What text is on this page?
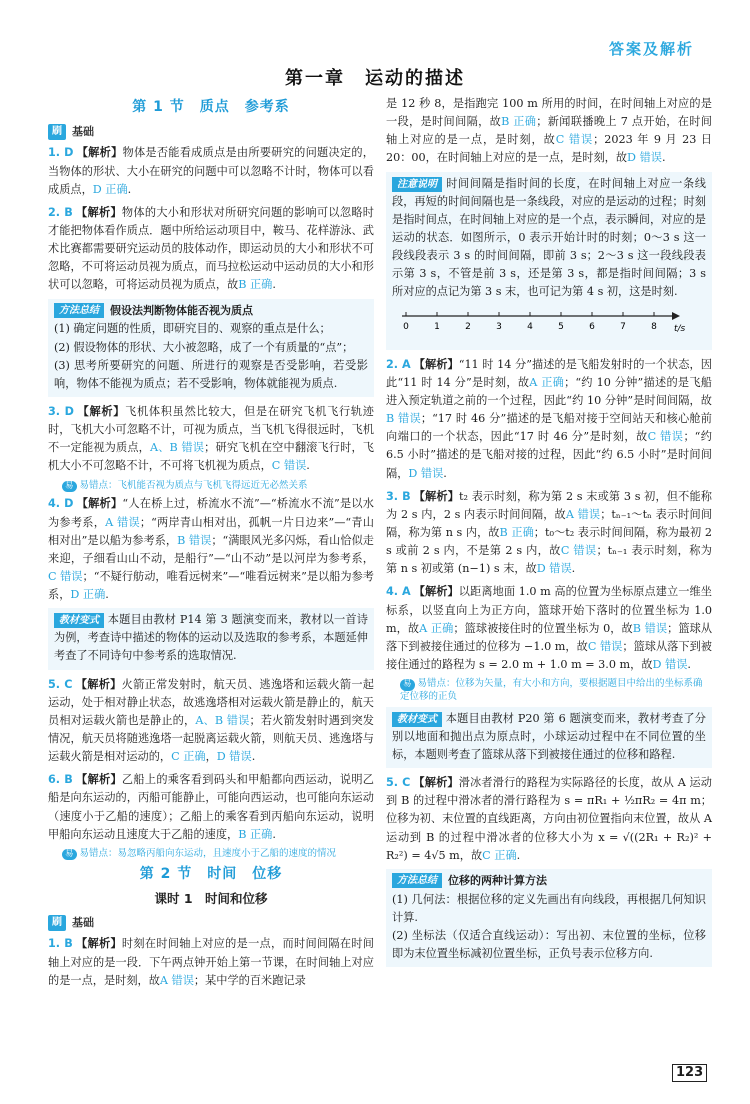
答案及解析
第一章　运动的描述
第 1 节　质点　参考系
刷 基础

1. D 【解析】物体是否能看成质点是由所要研究的问题决定的，当物体的形状、大小在研究的问题中可以忽略不计时，物体可以看成质点，D 正确.

2. B 【解析】物体的大小和形状对所研究问题的影响可以忽略时才能把物体看作质点．题中所给运动项目中，鞍马、花样游泳、武术比赛都需要研究运动员的肢体动作，即运动员的大小和形状不可忽略，不可将运动员视为质点，而马拉松运动中运动员的大小和形状可以忽略，可将运动员视为质点，故B 正确.

方法总结	假设法判断物体能否视为质点

(1) 确定问题的性质，即研究目的、观察的重点是什么；

(2) 假设物体的形状、大小被忽略，成了一个有质量的“点”；

(3) 思考所要研究的问题、所进行的观察是否受影响，若受影响，物体不能视为质点；若不受影响，物体就能视为质点.

3. D 【解析】飞机体积虽然比较大，但是在研究飞机飞行轨迹时，飞机大小可忽略不计，可视为质点，当飞机飞得很远时，飞机不一定能视为质点，A、B 错误；研究飞机在空中翻滚飞行时，飞机大小不可忽略不计，不可将飞机视为质点，C 错误.

易 易错点：飞机能否视为质点与飞机飞得远近无必然关系

4. D 【解析】“人在桥上过，桥流水不流”—“桥流水不流”是以水为参考系，A 错误；“两岸青山相对出，孤帆一片日边来”—“青山相对出”是以船为参考系，B 错误；“满眼风光多闪烁，看山恰似走来迎，子细看山山不动，是船行”—“山不动”是以河岸为参考系，C 错误；“不疑行舫动，唯看远树来”—“唯看远树来”是以船为参考系，D 正确.

教材变式 本题目由教材 P14 第 3 题演变而来，教材以一首诗为例，考查诗中描述的物体的运动以及选取的参考系，本题延伸考查了不同诗句中参考系的选取情况.

5. C 【解析】火箭正常发射时，航天员、逃逸塔和运载火箭一起运动，处于相对静止状态，故逃逸塔相对运载火箭是静止的，航天员相对运载火箭也是静止的，A、B 错误；若火箭发射时遇到突发情况，航天员将随逃逸塔一起脱离运载火箭，则航天员、逃逸塔与运载火箭是相对运动的，C 正确，D 错误.

6. B 【解析】乙船上的乘客看到码头和甲船都向西运动，说明乙船是向东运动的，丙船可能静止，可能向西运动，也可能向东运动（速度小于乙船的速度）；乙船上的乘客看到丙船向东运动，说明甲船向东运动且速度大于乙船的速度，B 正确.

易 易错点：易忽略丙船向东运动，且速度小于乙船的速度的情况
第 2 节　时间　位移
课时 1　时间和位移
刷 基础

1. B 【解析】时刻在时间轴上对应的是一点，而时间间隔在时间轴上对应的是一段．下午两点钟开始上第一节课，在时间轴上对应的是一点，是时刻，故A 错误；某中学的百米跑记录

是 12 秒 8，是指跑完 100 m 所用的时间，在时间轴上对应的是一段，是时间间隔，故B 正确；新闻联播晚上 7 点开始，在时间轴上对应的是一点，是时刻，故C 错误；2023 年 9 月 23 日 20：00，在时间轴上对应的是一点，是时刻，故D 错误.

注意说明 时间间隔是指时间的长度，在时间轴上对应一条线段，再短的时间间隔也是一条线段，对应的是运动的过程；时刻是指时间点，在时间轴上对应的是一个点，表示瞬间，对应的是运动的状态．如图所示，0 表示开始计时的时刻；0～3 s 这一段线段表示 3 s 的时间间隔，即前 3 s；2～3 s 这一段线段表示第 3 s，不管是前 3 s，还是第 3 s，都是指时间间隔；3 s 所对应的点记为第 3 s 末，也可记为第 4 s 初，这是时刻.

0	1	2	3	4	5	6	7	8 t/s

2. A 【解析】“11 时 14 分”描述的是飞船发射时的一个状态，因此“11 时 14 分”是时刻，故A 正确；“约 10 分钟”描述的是飞船进入预定轨道之前的一个过程，因此“约 10 分钟”是时间间隔，故B 错误；“17 时 46 分”描述的是飞船对接于空间站天和核心舱前向端口的一个状态，因此“17 时 46 分”是时刻，故C 错误；“约 6.5 小时”描述的是飞船对接的过程，因此“约 6.5 小时”是时间间隔，D 错误.

3. B 【解析】t₂ 表示时刻，称为第 2 s 末或第 3 s 初，但不能称为 2 s 内，2 s 内表示时间间隔，故A 错误；tₙ₋₁～tₙ 表示时间间隔，称为第 n s 内，故B 正确；t₀～t₂ 表示时间间隔，称为最初 2 s 或前 2 s 内，不是第 2 s 内，故C 错误；tₙ₋₁ 表示时刻，称为第 n s 初或第 (n−1) s 末，故D 错误.

4. A 【解析】以距离地面 1.0 m 高的位置为坐标原点建立一维坐标系，以竖直向上为正方向，篮球开始下落时的位置坐标为 1.0 m，故A 正确；篮球被接住时的位置坐标为 0，故B 错误；篮球从落下到被接住通过的位移为 −1.0 m，故C 错误；篮球从落下到被接住通过的路程为 s = 2.0 m + 1.0 m = 3.0 m，故D 错误.

易 易错点：位移为矢量，有大小和方向，要根据题目中给出的坐标系确定位移的正负

教材变式 本题目由教材 P20 第 6 题演变而来，教材考查了分别以地面和抛出点为原点时，小球运动过程中在不同位置的坐标，本题则考查了篮球从落下到被接住通过的位移和路程.

5. C 【解析】滑冰者滑行的路程为实际路径的长度，故从 A 运动到 B 的过程中滑冰者的滑行路程为 s = πR₁ + ½πR₂ = 4π m；位移为初、末位置的直线距离，方向由初位置指向末位置，故从 A 运动到 B 的过程中滑冰者的位移大小为 x = √((2R₁ + R₂)² + R₂²) = 4√5 m，故C 正确.

方法总结	位移的两种计算方法

(1) 几何法：根据位移的定义先画出有向线段，再根据几何知识计算.

(2) 坐标法（仅适合直线运动）：写出初、末位置的坐标，位移即为末位置坐标减初位置坐标，正负号表示位移方向.

123
